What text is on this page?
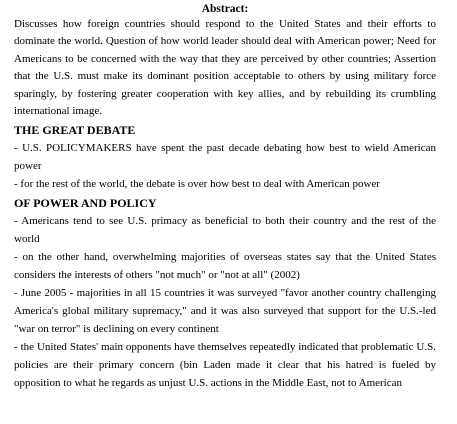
Abstract:

Discusses how foreign countries should respond to the United States and their efforts to dominate the world. Question of how world leader should deal with American power; Need for Americans to be concerned with the way that they are perceived by other countries; Assertion that the U.S. must make its dominant position acceptable to others by using military force sparingly, by fostering greater cooperation with key allies, and by rebuilding its crumbling international image.

THE GREAT DEBATE

- U.S. POLICYMAKERS have spent the past decade debating how best to wield American power

- for the rest of the world, the debate is over how best to deal with American power

OF POWER AND POLICY

- Americans tend to see U.S. primacy as beneficial to both their country and the rest of the world

- on the other hand, overwhelming majorities of overseas states say that the United States considers the interests of others "not much" or "not at all" (2002)

- June 2005 - majorities in all 15 countries it was surveyed "favor another country challenging America's global military supremacy," and it was also surveyed that support for the U.S.-led "war on terror" is declining on every continent

- the United States' main opponents have themselves repeatedly indicated that problematic U.S. policies are their primary concern (bin Laden made it clear that his hatred is fueled by opposition to what he regards as unjust U.S. actions in the Middle East, not to American
